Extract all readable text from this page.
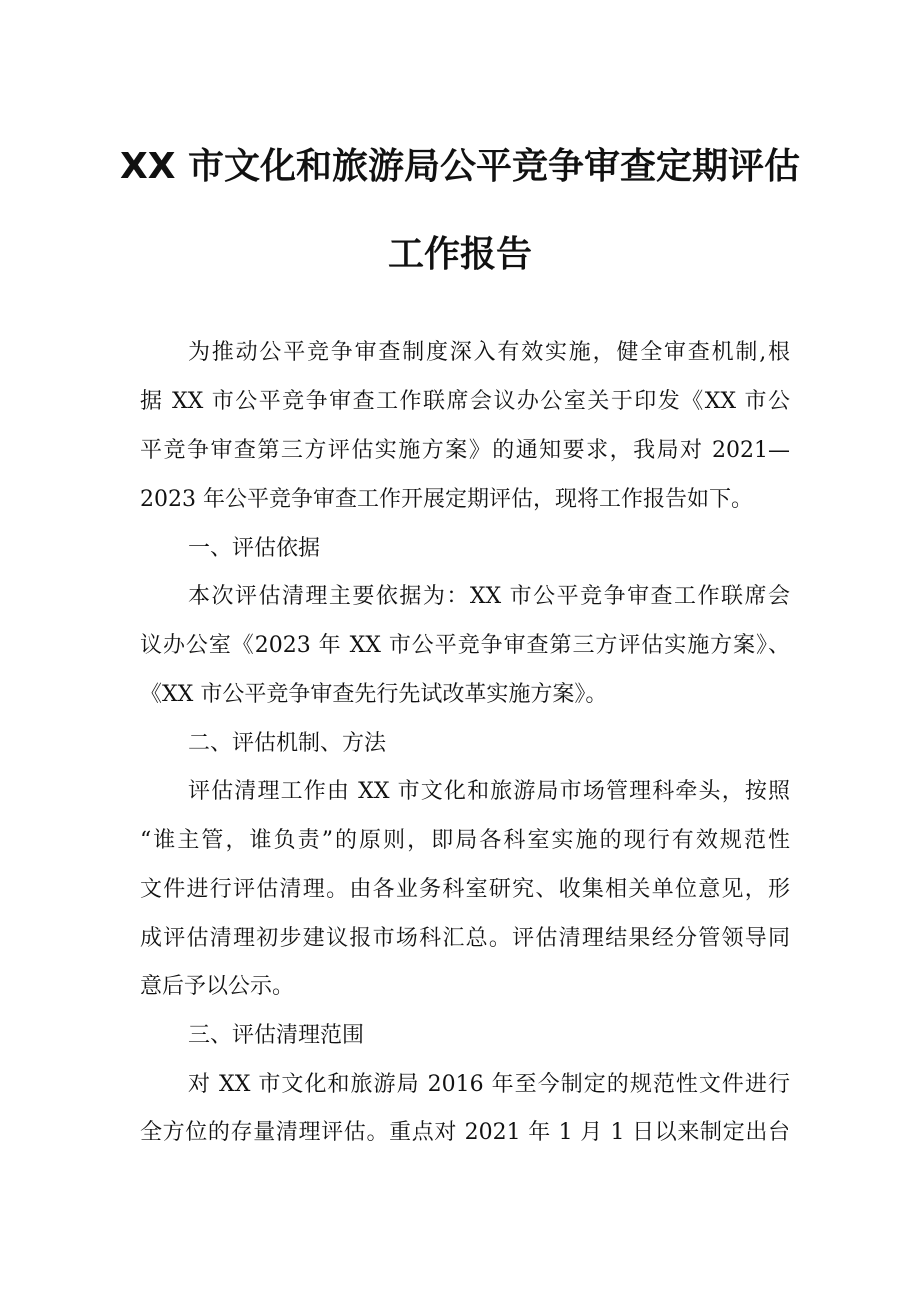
XX 市文化和旅游局公平竞争审查定期评估
工作报告
为推动公平竞争审查制度深入有效实施，健全审查机制,根
据 XX 市公平竞争审查工作联席会议办公室关于印发《XX 市公
平竞争审查第三方评估实施方案》的通知要求，我局对 2021—
2023 年公平竞争审查工作开展定期评估，现将工作报告如下。
一、评估依据
本次评估清理主要依据为：XX 市公平竞争审查工作联席会
议办公室《2023 年 XX 市公平竞争审查第三方评估实施方案》、
《XX 市公平竞争审查先行先试改革实施方案》。
二、评估机制、方法
评估清理工作由 XX 市文化和旅游局市场管理科牵头，按照
“谁主管，谁负责”的原则，即局各科室实施的现行有效规范性
文件进行评估清理。由各业务科室研究、收集相关单位意见，形
成评估清理初步建议报市场科汇总。评估清理结果经分管领导同
意后予以公示。
三、评估清理范围
对 XX 市文化和旅游局 2016 年至今制定的规范性文件进行
全方位的存量清理评估。重点对 2021 年 1 月 1 日以来制定出台
